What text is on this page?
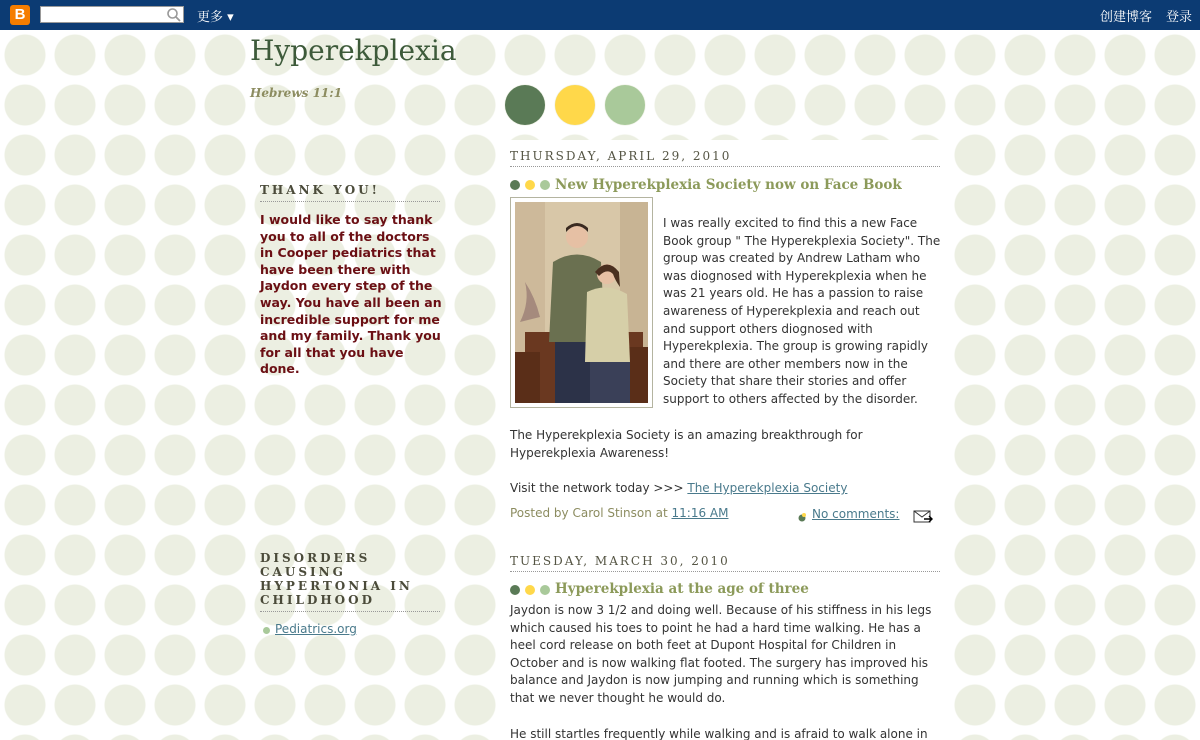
B	更多 ▾	创建博客 登录
Hyperekplexia
Hebrews 11:1
THANK YOU!
I would like to say thank you to all of the doctors in Cooper pediatrics that have been there with Jaydon every step of the way. You have all been an incredible support for me and my family. Thank you for all that you have done.
DISORDERS CAUSING HYPERTONIA IN CHILDHOOD
Pediatrics.org
THURSDAY, APRIL 29, 2010
New Hyperekplexia Society now on Face Book
I was really excited to find this a new Face Book group " The Hyperekplexia Society". The group was created by Andrew Latham who was diognosed with Hyperekplexia when he was 21 years old. He has a passion to raise awareness of Hyperekplexia and reach out and support others diognosed with Hyperekplexia. The group is growing rapidly and there are other members now in the Society that share their stories and offer support to others affected by the disorder.
The Hyperekplexia Society is an amazing breakthrough for Hyperekplexia Awareness!
Visit the network today >>> The Hyperekplexia Society
Posted by Carol Stinson at 11:16 AM	No comments:
TUESDAY, MARCH 30, 2010
Hyperekplexia at the age of three
Jaydon is now 3 1/2 and doing well. Because of his stiffness in his legs which caused his toes to point he had a hard time walking. He has a heel cord release on both feet at Dupont Hospital for Children in October and is now walking flat footed. The surgery has improved his balance and Jaydon is now jumping and running which is something that we never thought he would do.
He still startles frequently while walking and is afraid to walk alone in
